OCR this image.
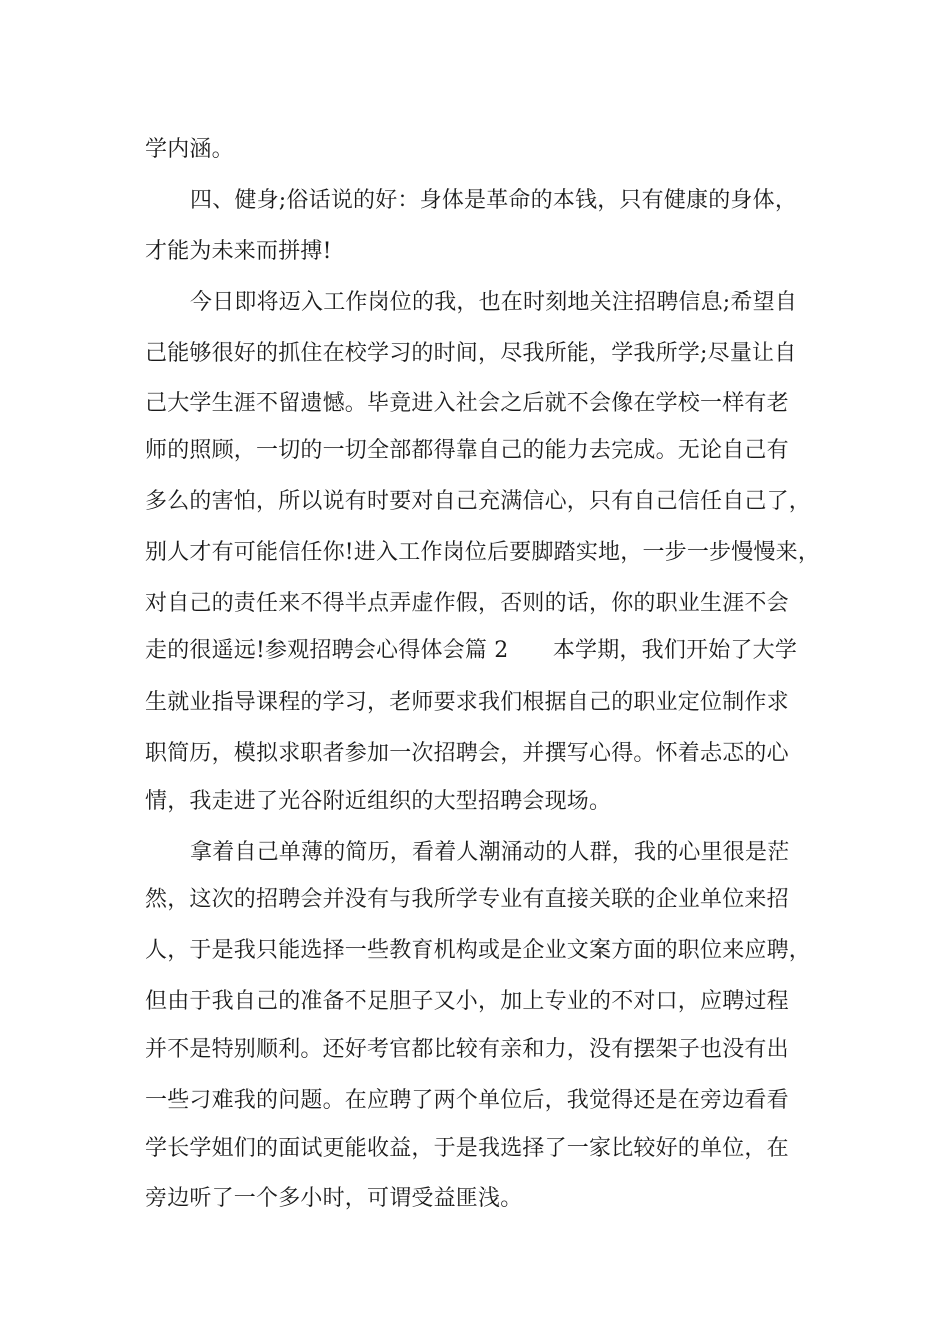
学内涵。
四、健身;俗话说的好：身体是革命的本钱，只有健康的身体，
才能为未来而拼搏!
今日即将迈入工作岗位的我，也在时刻地关注招聘信息;希望自
己能够很好的抓住在校学习的时间，尽我所能，学我所学;尽量让自
己大学生涯不留遗憾。毕竟进入社会之后就不会像在学校一样有老
师的照顾，一切的一切全部都得靠自己的能力去完成。无论自己有
多么的害怕，所以说有时要对自己充满信心，只有自己信任自己了，
别人才有可能信任你!进入工作岗位后要脚踏实地，一步一步慢慢来，
对自己的责任来不得半点弄虚作假，否则的话，你的职业生涯不会
走的很遥远!参观招聘会心得体会篇 2　　本学期，我们开始了大学
生就业指导课程的学习，老师要求我们根据自己的职业定位制作求
职简历，模拟求职者参加一次招聘会，并撰写心得。怀着忐忑的心
情，我走进了光谷附近组织的大型招聘会现场。
拿着自己单薄的简历，看着人潮涌动的人群，我的心里很是茫
然，这次的招聘会并没有与我所学专业有直接关联的企业单位来招
人，于是我只能选择一些教育机构或是企业文案方面的职位来应聘，
但由于我自己的准备不足胆子又小，加上专业的不对口，应聘过程
并不是特别顺利。还好考官都比较有亲和力，没有摆架子也没有出
一些刁难我的问题。在应聘了两个单位后，我觉得还是在旁边看看
学长学姐们的面试更能收益，于是我选择了一家比较好的单位，在
旁边听了一个多小时，可谓受益匪浅。
